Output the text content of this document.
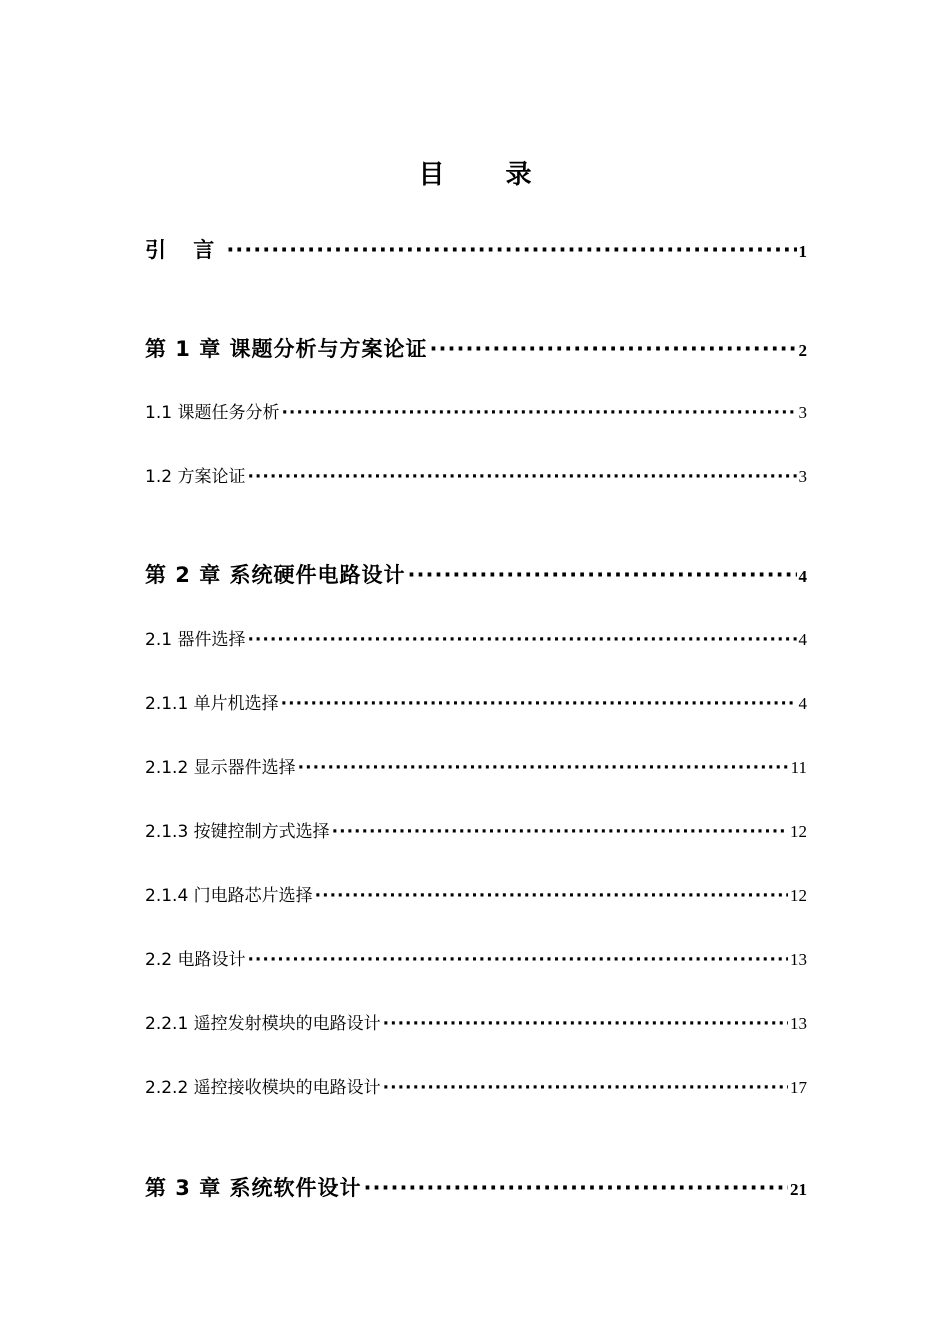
目 录
引 言 ·····	1
第 1 章 课题分析与方案论证 ·····	2
1.1 课题任务分析 ·····	3
1.2 方案论证 ·····	3
第 2 章 系统硬件电路设计 ·····	4
2.1 器件选择 ·····	4
2.1.1 单片机选择 ·····	4
2.1.2 显示器件选择 ·····	11
2.1.3 按键控制方式选择 ·····	12
2.1.4 门电路芯片选择 ·····	12
2.2 电路设计 ·····	13
2.2.1 遥控发射模块的电路设计 ·····	13
2.2.2 遥控接收模块的电路设计 ·····	17
第 3 章 系统软件设计 ·····	21
